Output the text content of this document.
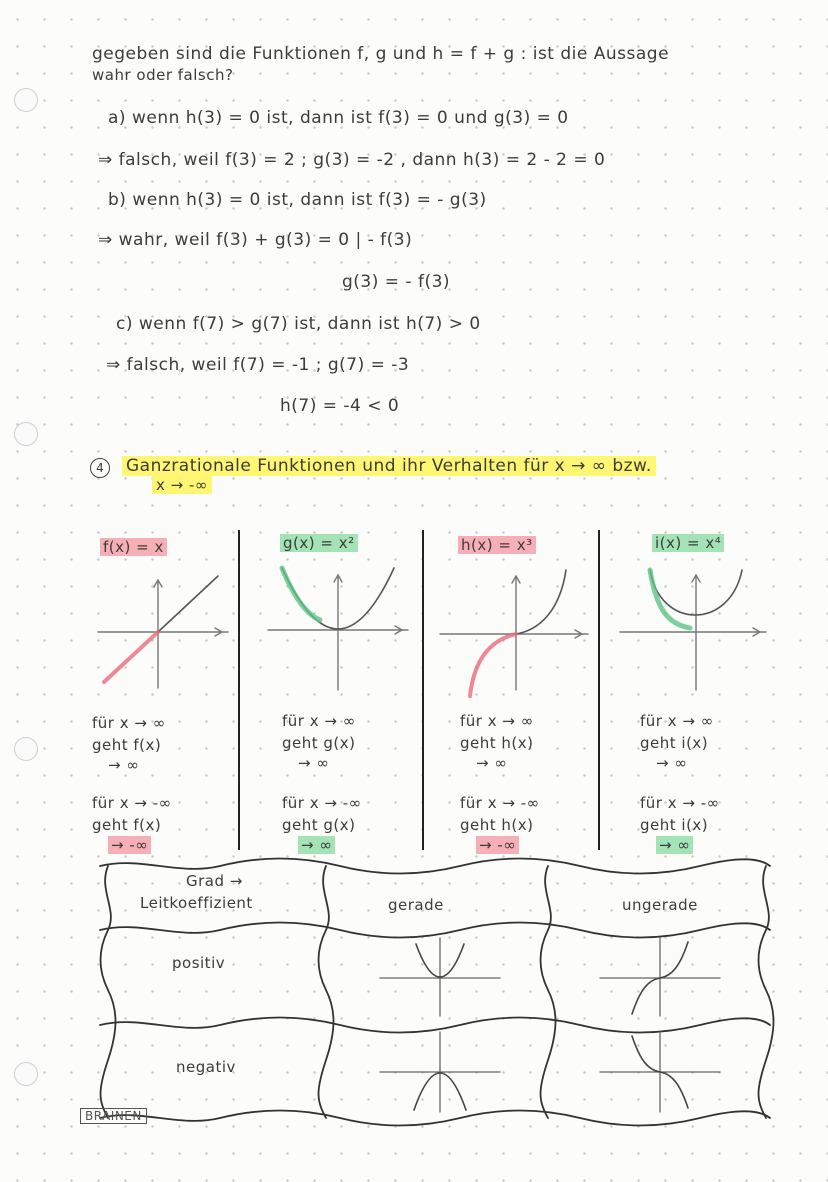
gegeben sind die Funktionen f, g und h = f + g : ist die Aussage
wahr oder falsch?
a) wenn h(3) = 0 ist, dann ist f(3) = 0 und g(3) = 0
⇒ falsch, weil f(3) = 2 ; g(3) = -2 , dann h(3) = 2 - 2 = 0
b) wenn h(3) = 0 ist, dann ist f(3) = - g(3)
⇒ wahr, weil f(3) + g(3) = 0 | - f(3)
g(3) = - f(3)
c) wenn f(7) > g(7) ist, dann ist h(7) > 0
⇒ falsch, weil f(7) = -1 ; g(7) = -3
h(7) = -4 < 0
4	Ganzrationale Funktionen und ihr Verhalten für x → ∞ bzw.
x → -∞
f(x) = x	g(x) = x²	h(x) = x³	i(x) = x⁴
für x → ∞
geht f(x)
→ ∞
für x → -∞
geht f(x)
→ -∞
für x → ∞
geht g(x)
→ ∞
für x → -∞
geht g(x)
→ ∞
für x → ∞
geht h(x)
→ ∞
für x → -∞
geht h(x)
→ -∞
für x → ∞
geht i(x)
→ ∞
für x → -∞
geht i(x)
→ ∞
Grad →
Leitkoeffizient	gerade	ungerade
positiv
negativ
BRAINEN
